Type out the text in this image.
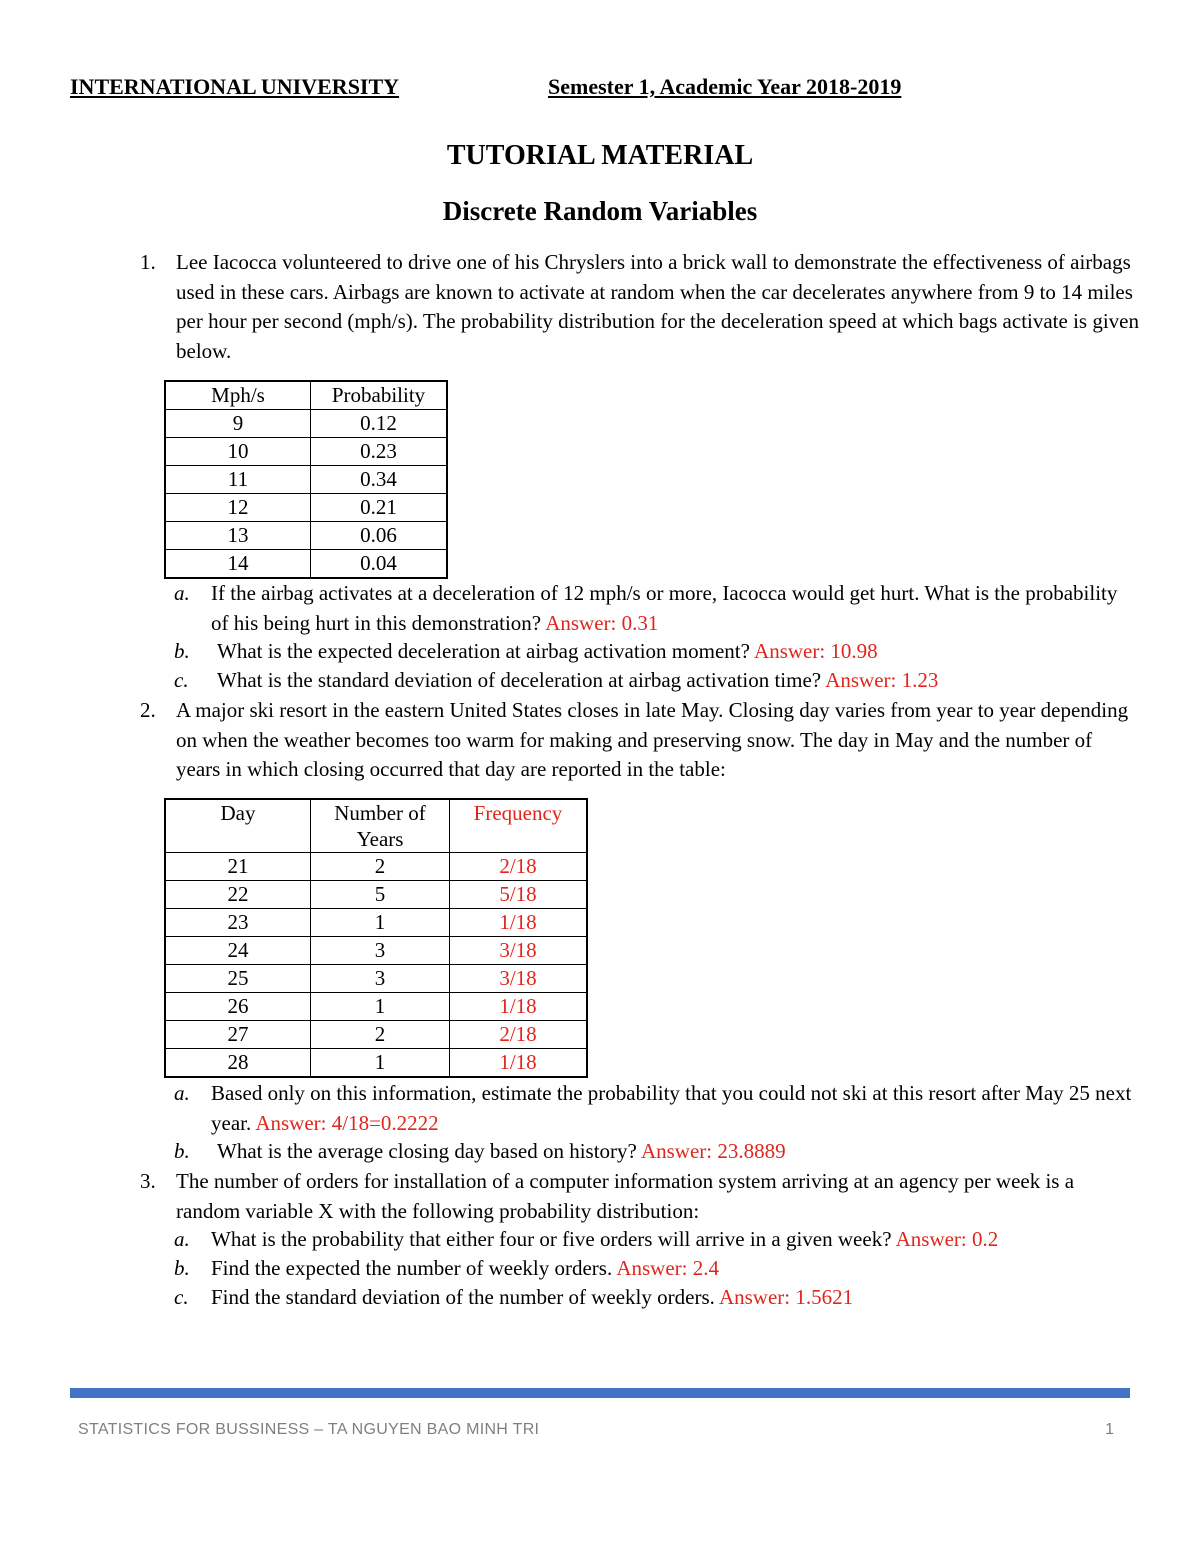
INTERNATIONAL UNIVERSITY	Semester 1, Academic Year 2018-2019
TUTORIAL MATERIAL
Discrete Random Variables
1. Lee Iacocca volunteered to drive one of his Chryslers into a brick wall to demonstrate the effectiveness of airbags used in these cars. Airbags are known to activate at random when the car decelerates anywhere from 9 to 14 miles per hour per second (mph/s). The probability distribution for the deceleration speed at which bags activate is given below.
Mph/s	Probability
9	0.12
10	0.23
11	0.34
12	0.21
13	0.06
14	0.04
a. If the airbag activates at a deceleration of 12 mph/s or more, Iacocca would get hurt. What is the probability of his being hurt in this demonstration? Answer: 0.31
b. What is the expected deceleration at airbag activation moment? Answer: 10.98
c. What is the standard deviation of deceleration at airbag activation time? Answer: 1.23
2. A major ski resort in the eastern United States closes in late May. Closing day varies from year to year depending on when the weather becomes too warm for making and preserving snow. The day in May and the number of years in which closing occurred that day are reported in the table:
Day	Number of Years	Frequency
21	2	2/18
22	5	5/18
23	1	1/18
24	3	3/18
25	3	3/18
26	1	1/18
27	2	2/18
28	1	1/18
a. Based only on this information, estimate the probability that you could not ski at this resort after May 25 next year. Answer: 4/18=0.2222
b. What is the average closing day based on history? Answer: 23.8889
3. The number of orders for installation of a computer information system arriving at an agency per week is a random variable X with the following probability distribution:
a. What is the probability that either four or five orders will arrive in a given week? Answer: 0.2
b. Find the expected the number of weekly orders. Answer: 2.4
c. Find the standard deviation of the number of weekly orders. Answer: 1.5621
STATISTICS FOR BUSSINESS – TA NGUYEN BAO MINH TRI	1
